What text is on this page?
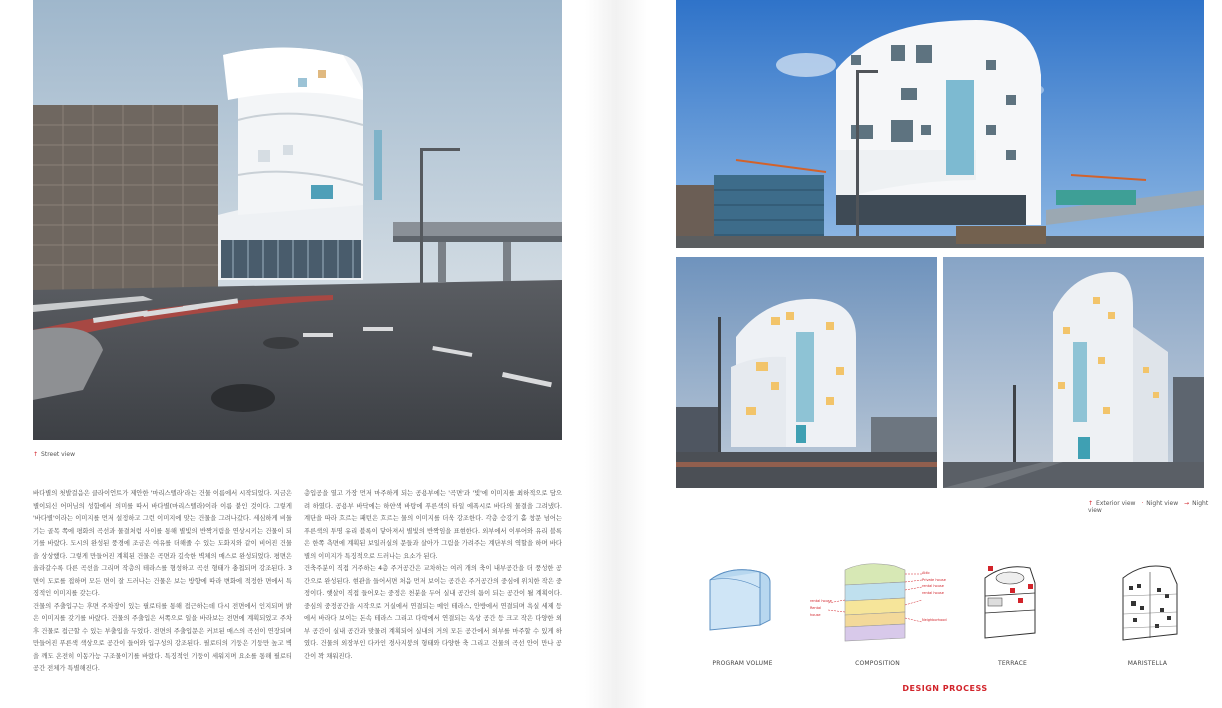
↑ Street view

바다별의 첫발걸음은 클라이언트가 제안한 '마리스텔라'라는 건물 이름에서 시작되었다. 지금은 별이되신 어머님의 성함에서 의미를 따서 바다별(마리스텔라)이라 이름 붙인 것이다. 그렇게 '바다별'이라는 이미지를 먼저 설정하고 그런 이미지에 맞는 건물을 그려나갔다. 세심하게 비둘기는 골목 쪽에 평화의 곡선과 물결처럼 사이를 통해 별빛의 반짝거림을 연상시키는 건물이 되기를 바랐다. 도시의 완성된 풍경에 조금은 여유를 더해줄 수 있는 도화지와 같이 비어진 건물을 상상했다. 그렇게 만들어진 계획된 건물은 곡면과 깊숙한 벽체의 매스로 완성되었다. 평면은 올라갈수록 다른 곡선을 그리며 작층의 테라스를 형성하고 곡선 형태가 충첩되며 강조된다. 3면이 도로를 접하며 모든 면이 잘 드러나는 건물은 보는 방향에 따라 변화에 적정한 면에서 특징적인 이미지를 갖는다.

건물의 주출입구는 후면 주차장이 있는 필로티를 통해 접근하는데 다시 전면에서 인지되며 밝은 이미지를 갖기를 바랐다. 건물의 주출입은 서쪽으로 일을 바라보는 전면에 계획되었고 주차 후 건물로 접근할 수 있는 부출입을 두었다. 전면의 주출입문은 커브된 매스의 곡선이 연장되며 만들어진 푸른색 색상으로 공간이 들어와 입구성의 강조된다. 필로티의 기둥은 기둥만 높고 벽을 깨도 온전히 이동가능 구조물이기를 바랐다. 특징적인 기둥이 세워지며 요소를 통해 필로티 공간 전체가 특별해진다.

층입공을 열고 가장 먼저 마주하게 되는 공용부에는 '곡면'과 '빛'에 이미지를 최하적으로 담으려 하였다. 공용부 바닥에는 하얀색 바탕에 푸른색의 타일 에폭시로 바다의 물결을 그려냈다. 계단을 따라 흐르는 패턴은 흐르는 물의 이미지를 더욱 강조한다. 각층 승강기 홀 창문 넘어는 푸른색의 투명 유리 블록이 닿아져서 별빛의 반짝임을 표현한다. 외부에서 이루어와 유리 블록은 한쪽 측면에 계획된 보일러실의 문들과 살아가 그림을 가려주는 계단부의 역할을 하며 바다별의 이미지가 특징적으로 드러나는 요소가 된다.

건축주분이 직접 거주하는 4층 주거공간은 교차하는 여러 개의 축이 내부공간을 더 풍성한 공간으로 완성된다. 현관을 들어서면 처음 먼저 보이는 공간은 주거공간의 중심에 위치한 작은 중정이다. 햇살이 직접 들어오는 중정은 천분을 두어 실내 공간의 틈이 되는 공간이 될 계획이다. 중심의 중정공간을 시작으로 거실에서 연결되는 메인 테라스, 안방에서 연결되며 욕실 세제 등에서 바라다 보이는 돈속 테라스 그리고 다락에서 연결되는 옥상 공간 등 크고 작은 다양한 외부 공간이 실내 공간과 맞물려 계획되어 실내의 거의 모든 공간에서 외부를 마주할 수 있게 하였다. 건물의 외장부인 다카인 경사지붕의 형태와 다양한 축 그리고 건물의 곡선 안이 만나 공간이 꽉 채워진다.

↑ Exterior view · Night view → Night view
Attic
Private house
rental house
rental house
rental house
Rental house
Neighborhood
PROGRAM VOLUME	COMPOSITION	TERRACE	MARISTELLA
DESIGN PROCESS
